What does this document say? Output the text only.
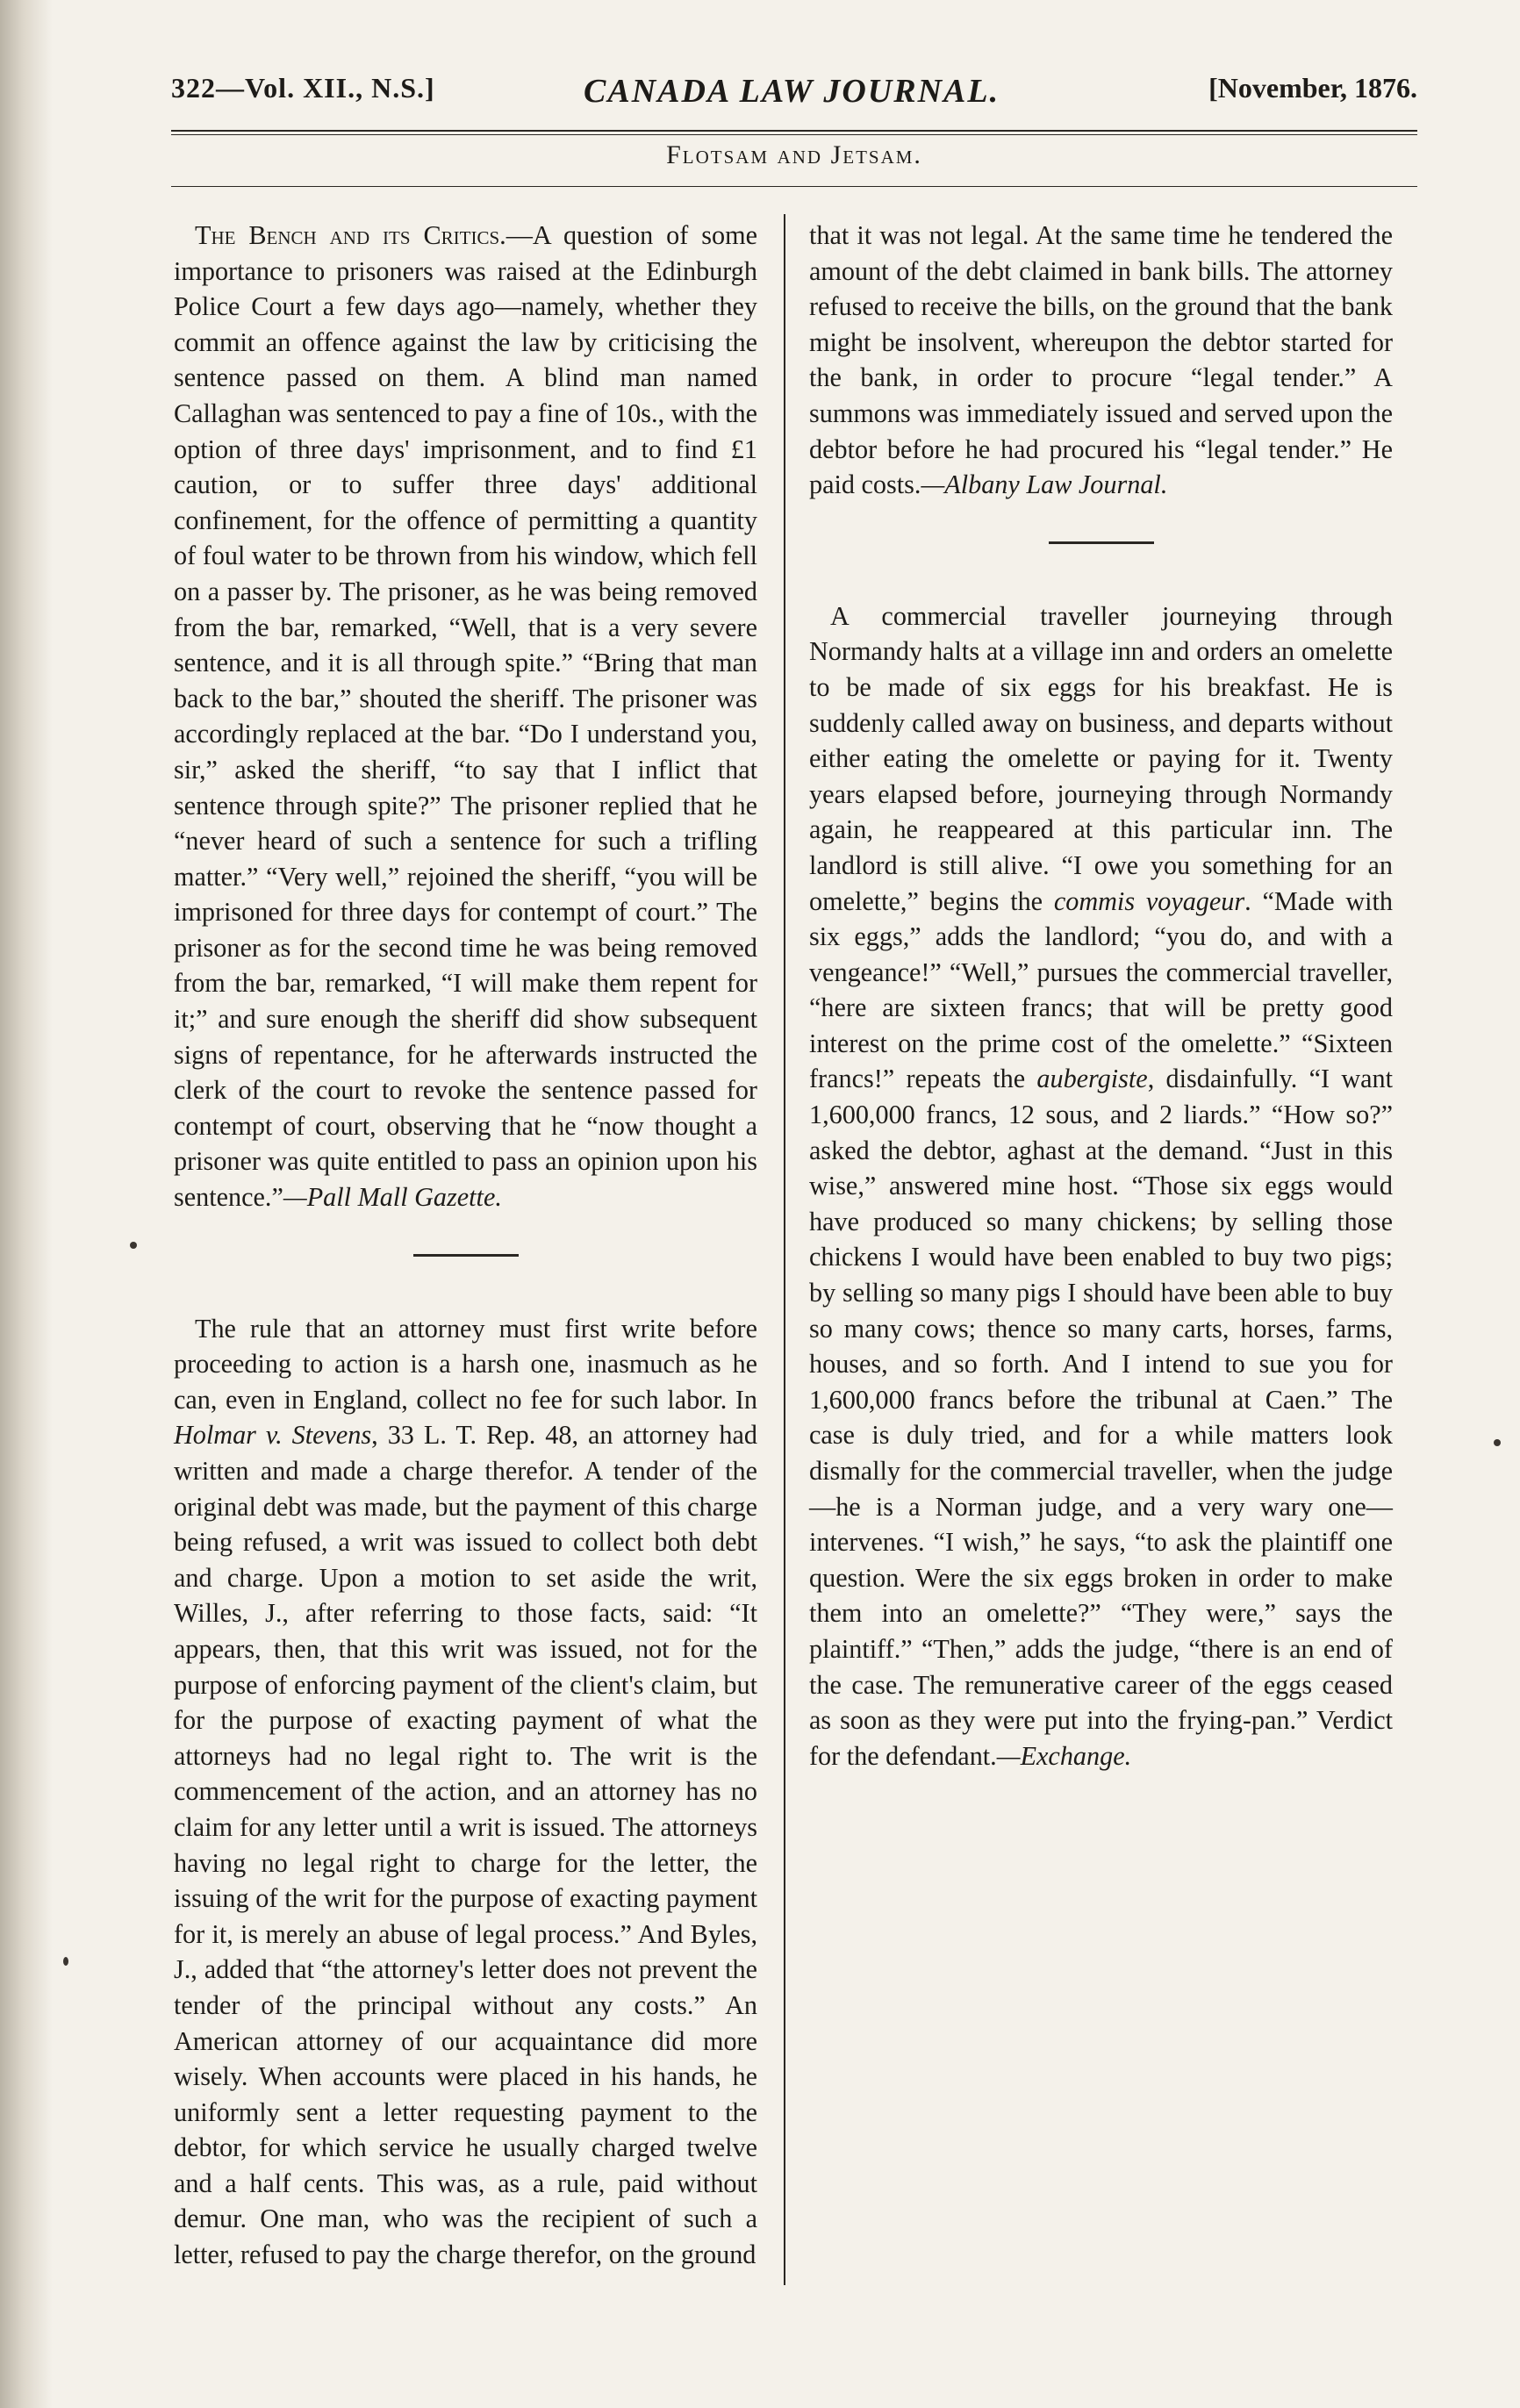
322—Vol. XII., N.S.]	CANADA LAW JOURNAL.	[November, 1876.
Flotsam and Jetsam.

The Bench and its Critics.—A question of some importance to prisoners was raised at the Edinburgh Police Court a few days ago—namely, whether they commit an offence against the law by criticising the sentence passed on them. A blind man named Callaghan was sentenced to pay a fine of 10s., with the option of three days' imprisonment, and to find £1 caution, or to suffer three days' additional confinement, for the offence of permitting a quantity of foul water to be thrown from his window, which fell on a passer by. The prisoner, as he was being removed from the bar, remarked, “Well, that is a very severe sentence, and it is all through spite.” “Bring that man back to the bar,” shouted the sheriff. The prisoner was accordingly replaced at the bar. “Do I understand you, sir,” asked the sheriff, “to say that I inflict that sentence through spite?” The prisoner replied that he “never heard of such a sentence for such a trifling matter.” “Very well,” rejoined the sheriff, “you will be imprisoned for three days for contempt of court.” The prisoner as for the second time he was being removed from the bar, remarked, “I will make them repent for it;” and sure enough the sheriff did show subsequent signs of repentance, for he afterwards instructed the clerk of the court to revoke the sentence passed for contempt of court, observing that he “now thought a prisoner was quite entitled to pass an opinion upon his sentence.”—Pall Mall Gazette.

The rule that an attorney must first write before proceeding to action is a harsh one, inasmuch as he can, even in England, collect no fee for such labor. In Holmar v. Stevens, 33 L. T. Rep. 48, an attorney had written and made a charge therefor. A tender of the original debt was made, but the payment of this charge being refused, a writ was issued to collect both debt and charge. Upon a motion to set aside the writ, Willes, J., after referring to those facts, said: “It appears, then, that this writ was issued, not for the purpose of enforcing payment of the client's claim, but for the purpose of exacting payment of what the attorneys had no legal right to. The writ is the commencement of the action, and an attorney has no claim for any letter until a writ is issued. The attorneys having no legal right to charge for the letter, the issuing of the writ for the purpose of exacting payment for it, is merely an abuse of legal process.” And Byles, J., added that “the attorney's letter does not prevent the tender of the principal without any costs.” An American attorney of our acquaintance did more wisely. When accounts were placed in his hands, he uniformly sent a letter requesting payment to the debtor, for which service he usually charged twelve and a half cents. This was, as a rule, paid without demur. One man, who was the recipient of such a letter, refused to pay the charge therefor, on the ground

that it was not legal. At the same time he tendered the amount of the debt claimed in bank bills. The attorney refused to receive the bills, on the ground that the bank might be insolvent, whereupon the debtor started for the bank, in order to procure “legal tender.” A summons was immediately issued and served upon the debtor before he had procured his “legal tender.” He paid costs.—Albany Law Journal.

A commercial traveller journeying through Normandy halts at a village inn and orders an omelette to be made of six eggs for his breakfast. He is suddenly called away on business, and departs without either eating the omelette or paying for it. Twenty years elapsed before, journeying through Normandy again, he reappeared at this particular inn. The landlord is still alive. “I owe you something for an omelette,” begins the commis voyageur. “Made with six eggs,” adds the landlord; “you do, and with a vengeance!” “Well,” pursues the commercial traveller, “here are sixteen francs; that will be pretty good interest on the prime cost of the omelette.” “Sixteen francs!” repeats the aubergiste, disdainfully. “I want 1,600,000 francs, 12 sous, and 2 liards.” “How so?” asked the debtor, aghast at the demand. “Just in this wise,” answered mine host. “Those six eggs would have produced so many chickens; by selling those chickens I would have been enabled to buy two pigs; by selling so many pigs I should have been able to buy so many cows; thence so many carts, horses, farms, houses, and so forth. And I intend to sue you for 1,600,000 francs before the tribunal at Caen.” The case is duly tried, and for a while matters look dismally for the commercial traveller, when the judge—he is a Norman judge, and a very wary one—intervenes. “I wish,” he says, “to ask the plaintiff one question. Were the six eggs broken in order to make them into an omelette?” “They were,” says the plaintiff.” “Then,” adds the judge, “there is an end of the case. The remunerative career of the eggs ceased as soon as they were put into the frying-pan.” Verdict for the defendant.—Exchange.
